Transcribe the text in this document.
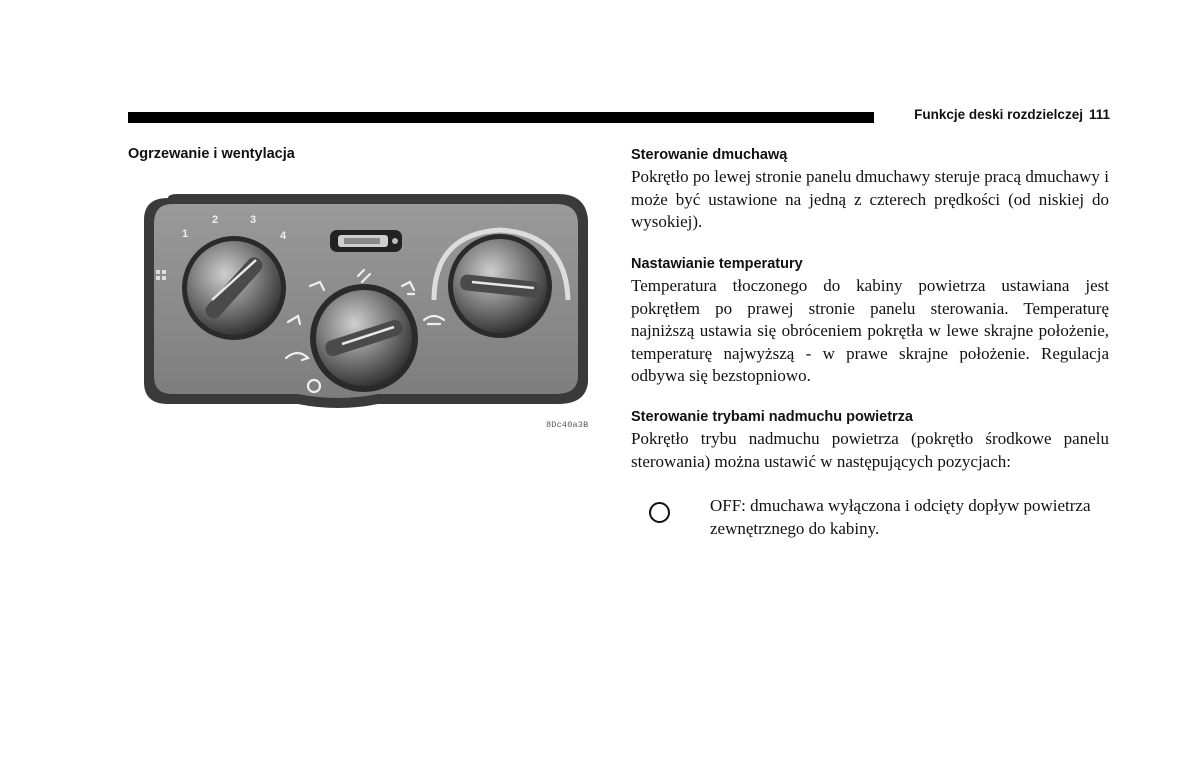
Funkcje deski rozdzielczej 111
Ogrzewanie i wentylacja
1
2	3
4
8Dc40a3B
Sterowanie dmuchawą

Pokrętło po lewej stronie panelu dmuchawy steruje pracą dmuchawy i może być ustawione na jedną z czterech prędkości (od niskiej do wysokiej).

Nastawianie temperatury

Temperatura tłoczonego do kabiny powietrza ustawiana jest pokrętłem po prawej stronie panelu sterowania. Temperaturę najniższą ustawia się obróceniem pokrętła w lewe skrajne położenie, temperaturę najwyższą - w prawe skrajne położenie. Regulacja odbywa się bezstopniowo.

Sterowanie trybami nadmuchu powietrza

Pokrętło trybu nadmuchu powietrza (pokrętło środkowe panelu sterowania) można ustawić w następujących pozycjach:

OFF: dmuchawa wyłączona i odcięty dopływ powietrza zewnętrznego do kabiny.
